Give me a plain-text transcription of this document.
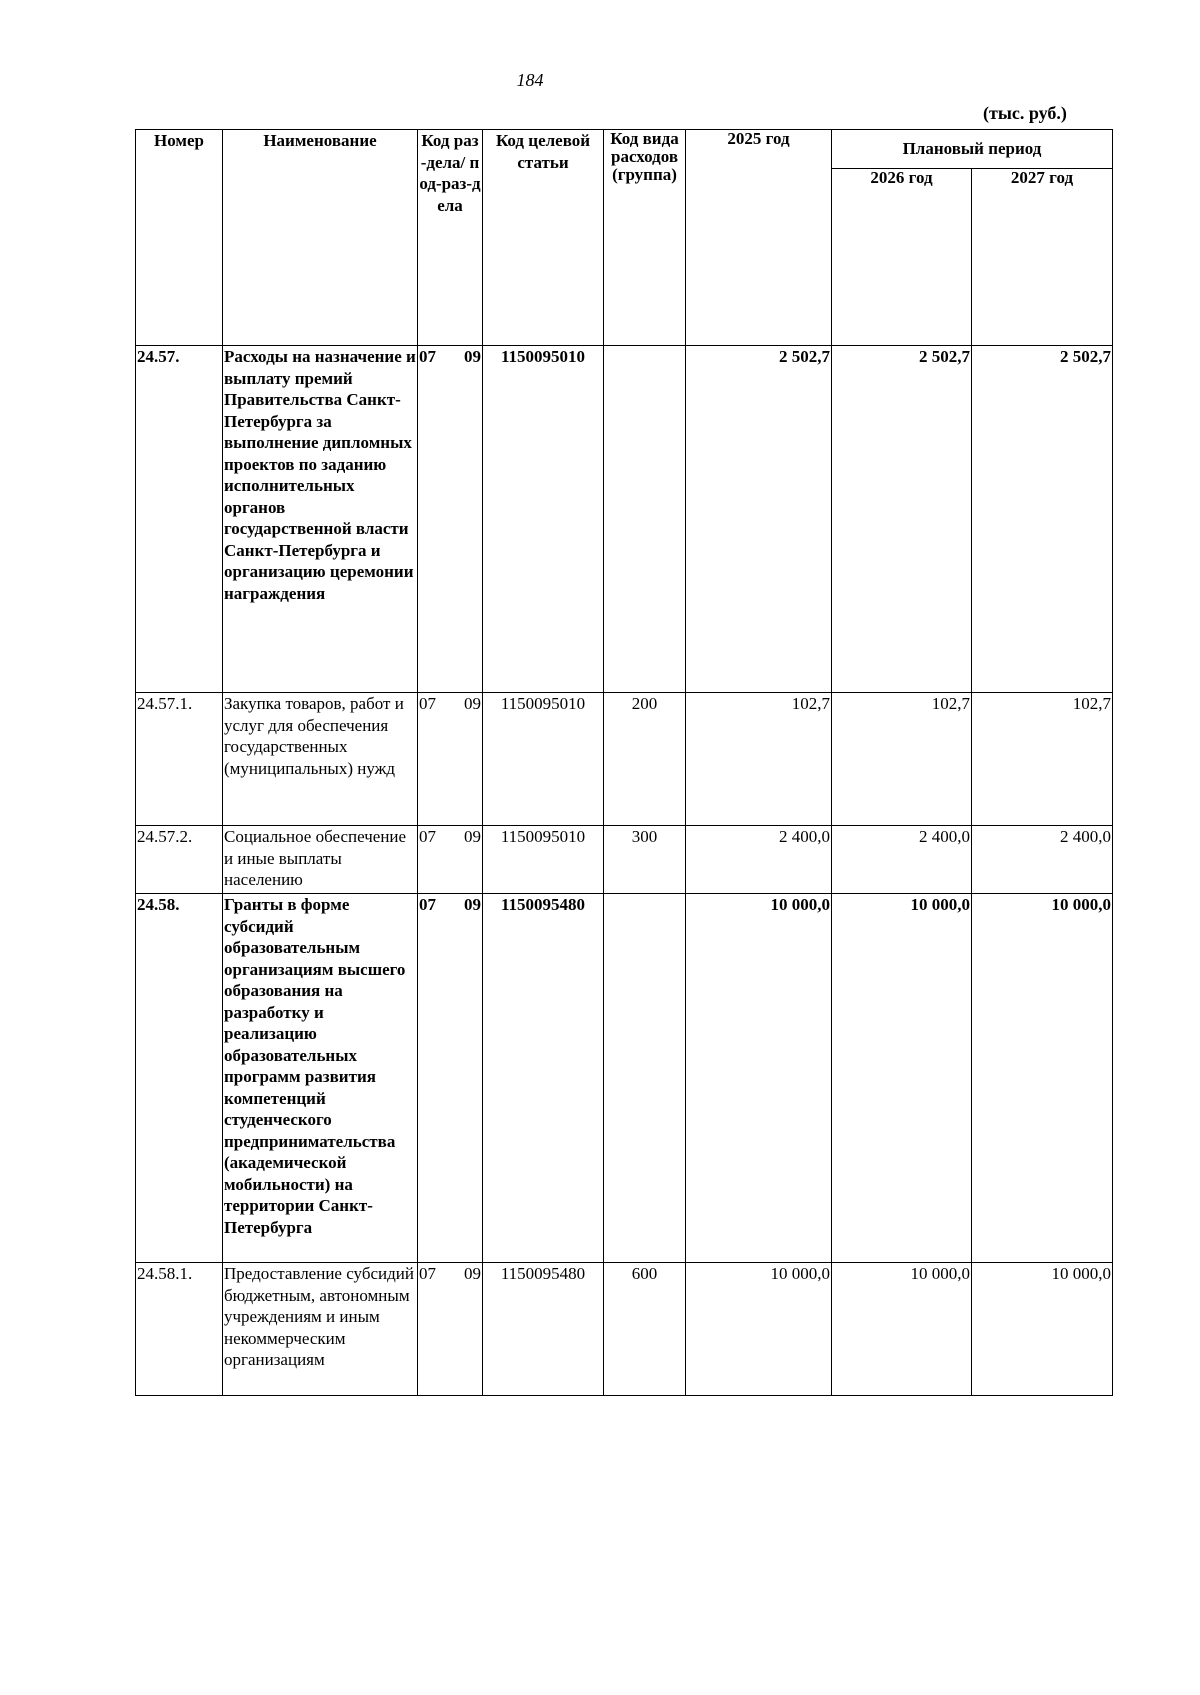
184
(тыс. руб.)
Номер	Наименование	Код раз-дела/ под-раз-дела	Код целевой статьи	Код вида расходов (группа)	2025 год	Плановый период	
						2026 год	2027 год
24.57.	Расходы на назначение и выплату премий Правительства Санкт-Петербурга за выполнение дипломных проектов по заданию исполнительных органов государственной власти Санкт-Петербурга и организацию церемонии награждения	07 09	1150095010		2 502,7	2 502,7	2 502,7
24.57.1.	Закупка товаров, работ и услуг для обеспечения государственных (муниципальных) нужд	07 09	1150095010	200	102,7	102,7	102,7
24.57.2.	Социальное обеспечение и иные выплаты населению	07 09	1150095010	300	2 400,0	2 400,0	2 400,0
24.58.	Гранты в форме субсидий образовательным организациям высшего образования на разработку и реализацию образовательных программ развития компетенций студенческого предпринимательства (академической мобильности) на территории Санкт-Петербурга	07 09	1150095480		10 000,0	10 000,0	10 000,0
24.58.1.	Предоставление субсидий бюджетным, автономным учреждениям и иным некоммерческим организациям	07 09	1150095480	600	10 000,0	10 000,0	10 000,0
